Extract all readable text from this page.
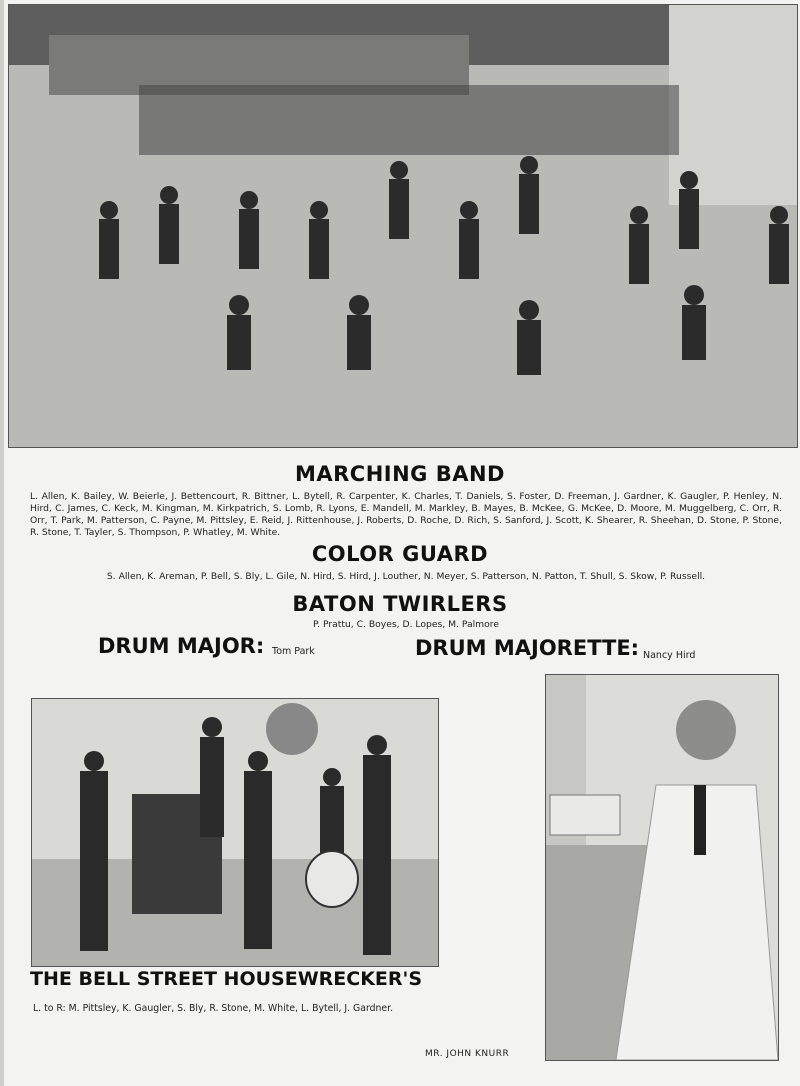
MARCHING BAND
L. Allen, K. Bailey, W. Beierle, J. Bettencourt, R. Bittner, L. Bytell, R. Carpenter, K. Charles, T. Daniels, S. Foster, D. Freeman, J. Gardner, K. Gaugler, P. Henley, N. Hird, C. James, C. Keck, M. Kingman, M. Kirkpatrich, S. Lomb, R. Lyons, E. Mandell, M. Markley, B. Mayes, B. McKee, G. McKee, D. Moore, M. Muggelberg, C. Orr, R. Orr, T. Park, M. Patterson, C. Payne, M. Pittsley, E. Reid, J. Rittenhouse, J. Roberts, D. Roche, D. Rich, S. Sanford, J. Scott, K. Shearer, R. Sheehan, D. Stone, P. Stone, R. Stone, T. Tayler, S. Thompson, P. Whatley, M. White.
COLOR GUARD
S. Allen, K. Areman, P. Bell, S. Bly, L. Gile, N. Hird, S. Hird, J. Louther, N. Meyer, S. Patterson, N. Patton, T. Shull, S. Skow, P. Russell.
BATON TWIRLERS
P. Prattu, C. Boyes, D. Lopes, M. Palmore
DRUM MAJOR: Tom Park	DRUM MAJORETTE: Nancy Hird
THE BELL STREET HOUSEWRECKER'S
L. to R: M. Pittsley, K. Gaugler, S. Bly, R. Stone, M. White, L. Bytell, J. Gardner.
MR. JOHN KNURR
